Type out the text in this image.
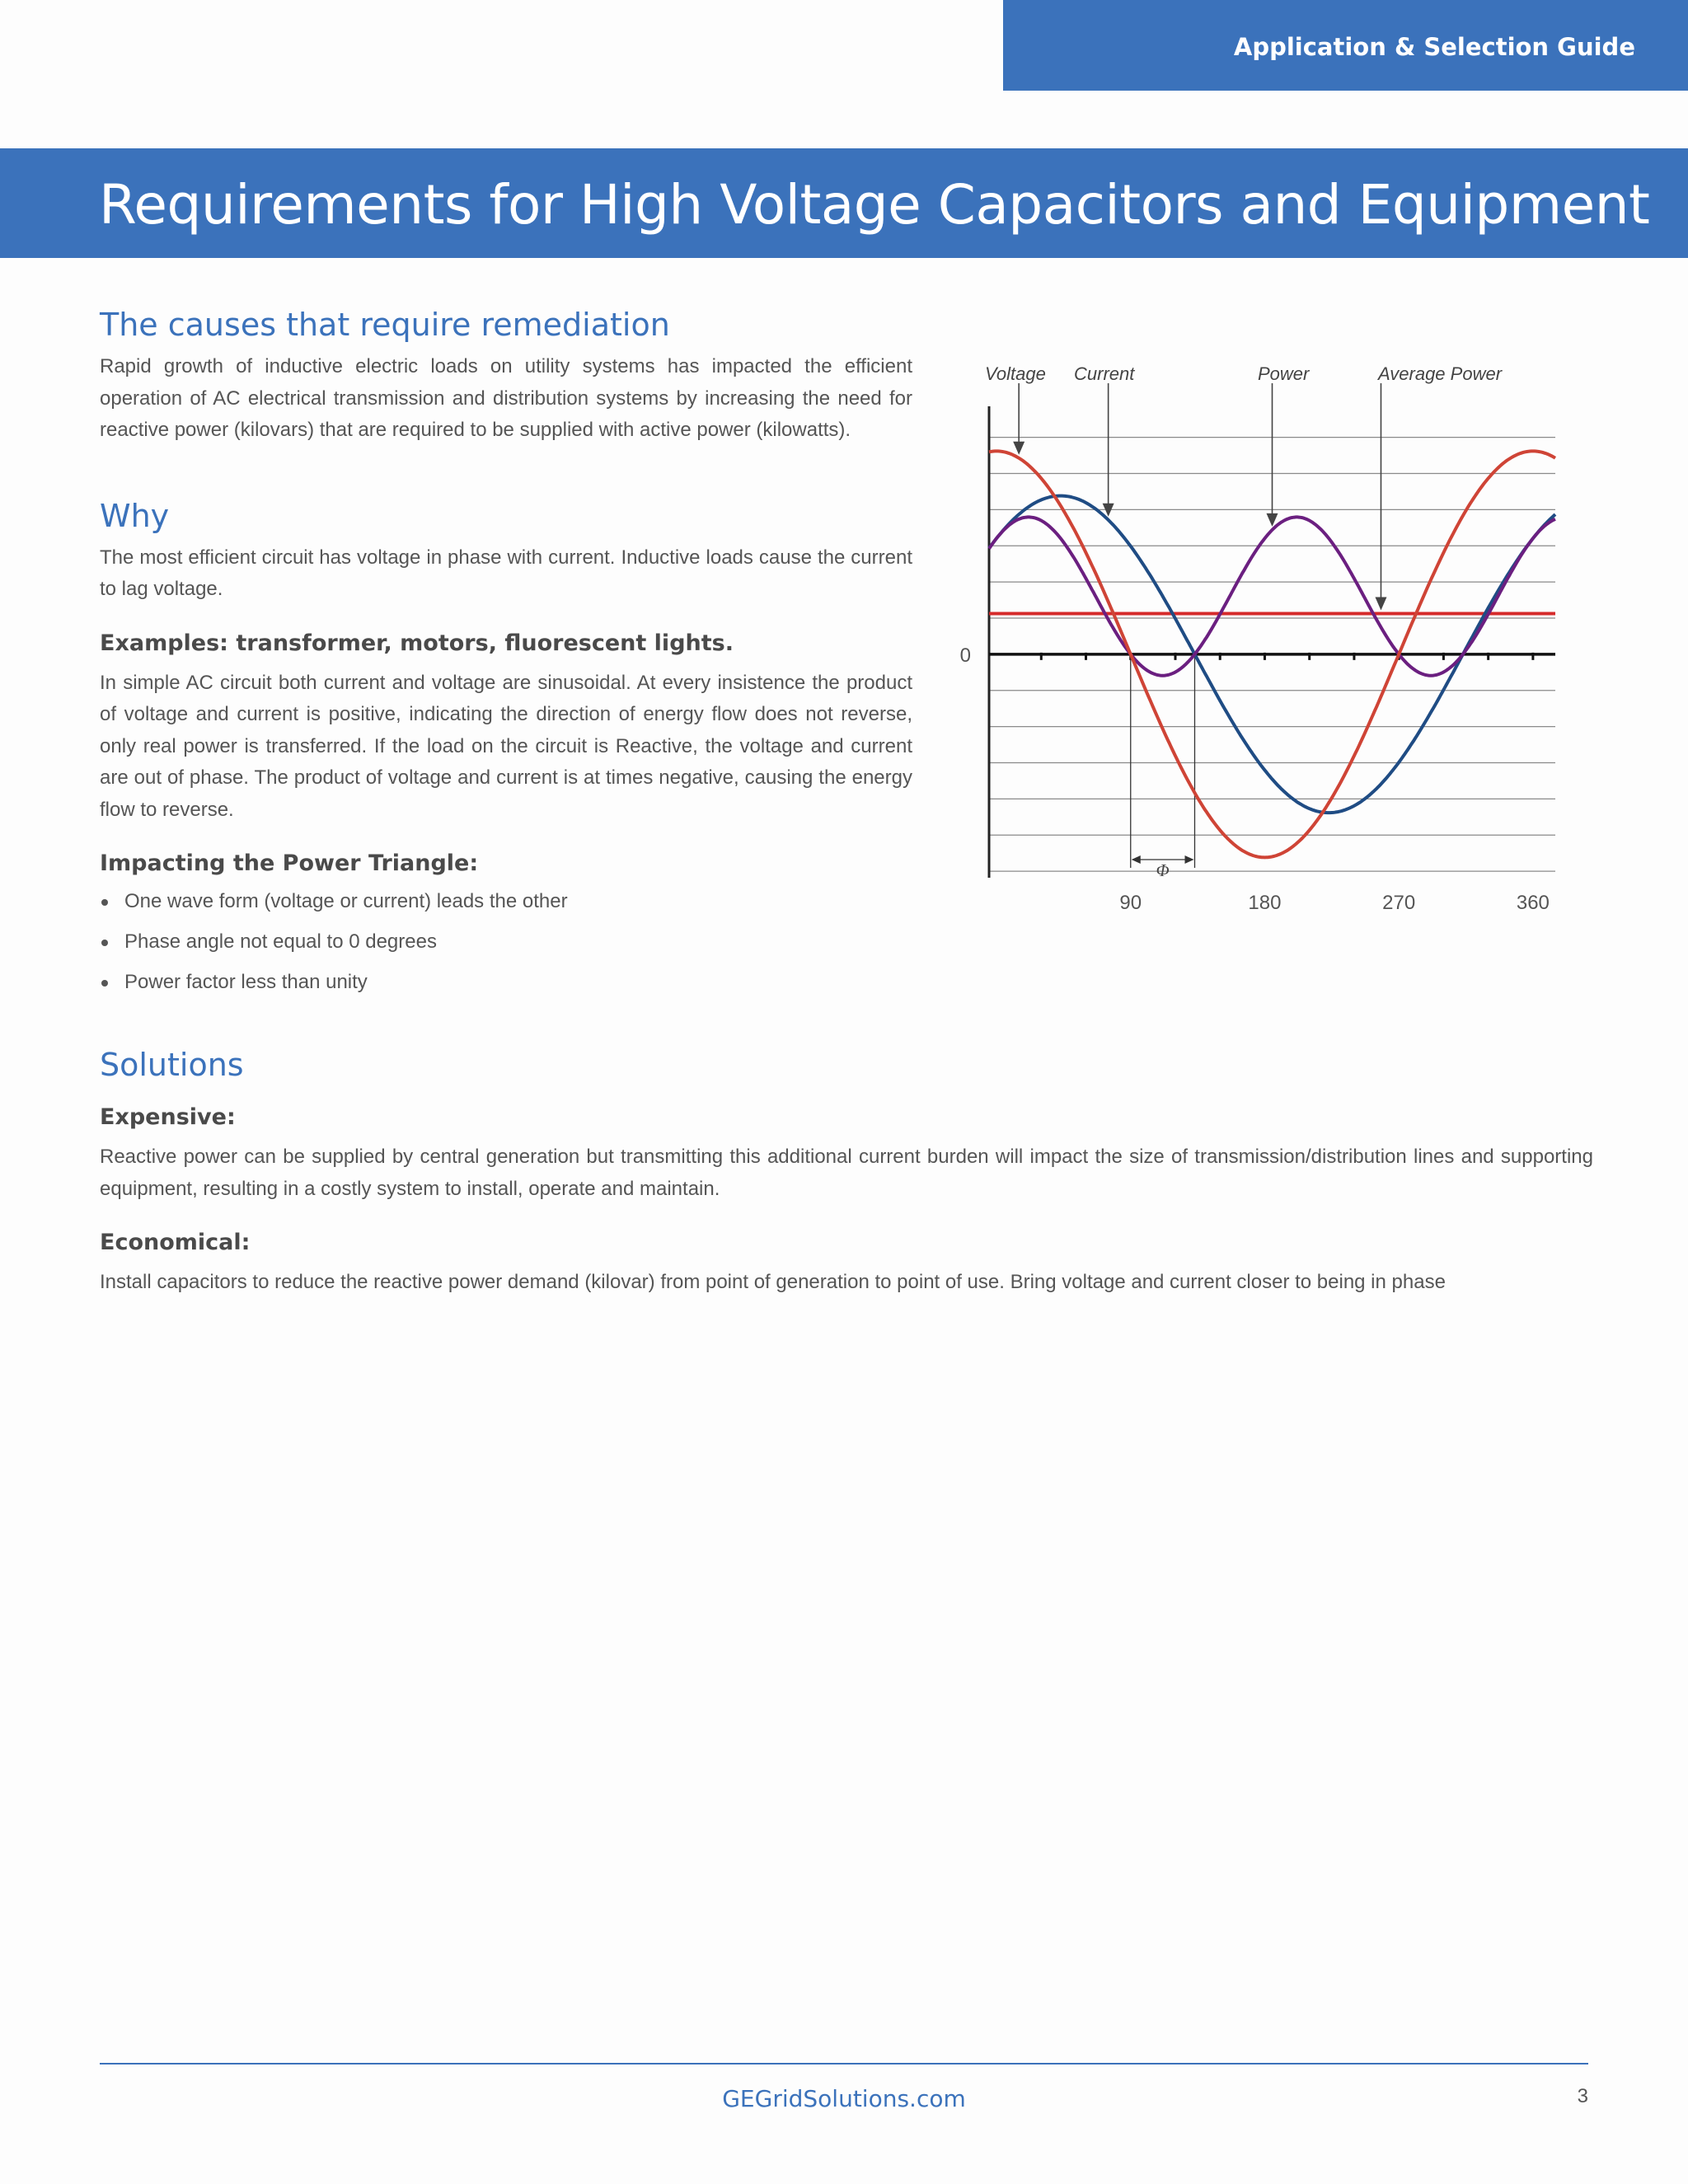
Application & Selection Guide
Requirements for High Voltage Capacitors and Equipment
The causes that require remediation

Rapid growth of inductive electric loads on utility systems has impacted the efficient operation of AC electrical transmission and distribution systems by increasing the need for reactive power (kilovars) that are required to be supplied with active power (kilowatts).

Why

The most efficient circuit has voltage in phase with current. Inductive loads cause the current to lag voltage.

Examples: transformer, motors, fluorescent lights.

In simple AC circuit both current and voltage are sinusoidal. At every insistence the product of voltage and current is positive, indicating the direction of energy flow does not reverse, only real power is transferred. If the load on the circuit is Reactive, the voltage and current are out of phase. The product of voltage and current is at times negative, causing the energy flow to reverse.

Impacting the Power Triangle:
One wave form (voltage or current) leads the other
Phase angle not equal to 0 degrees
Power factor less than unity
Solutions
Expensive:

Reactive power can be supplied by central generation but transmitting this additional current burden will impact the size of transmission/distribution lines and supporting equipment, resulting in a costly system to install, operate and maintain.

Economical:

Install capacitors to reduce the reactive power demand (kilovar) from point of generation to point of use. Bring voltage and current closer to being in phase

0
90	180	270	360
Φ
Voltage Current	Power	Average Power
GEGridSolutions.com	3
